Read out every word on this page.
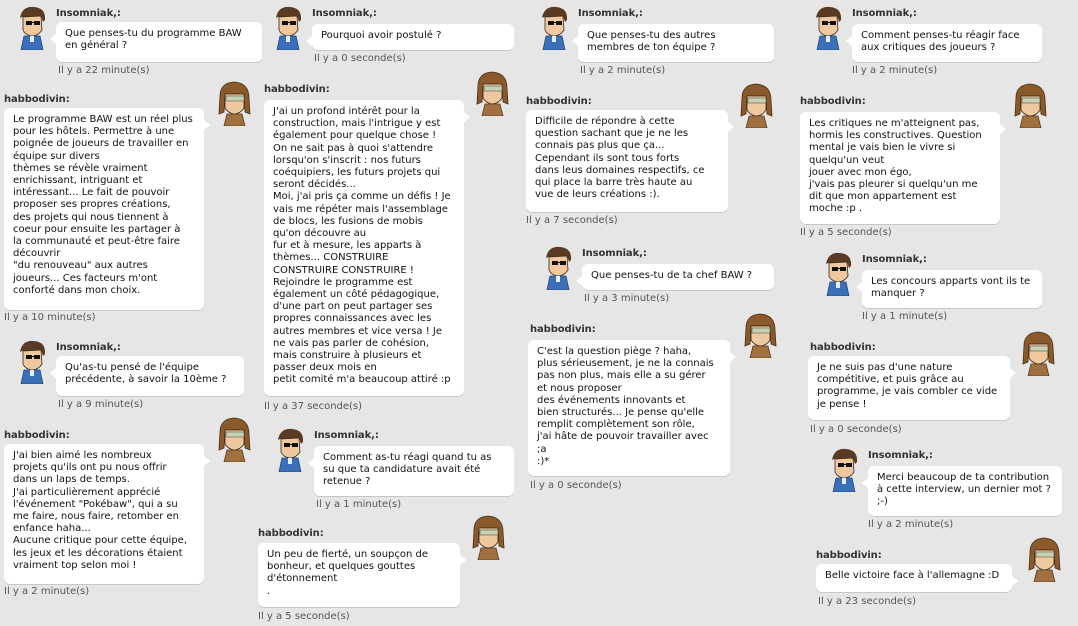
Insomniak,:
Que penses-tu du programme BAW
en général ?
Il y a 22 minute(s)
habbodivin:
Le programme BAW est un réel plus
pour les hôtels. Permettre à une
poignée de joueurs de travailler en
équipe sur divers
thèmes se révèle vraiment
enrichissant, intriguant et
intéressant... Le fait de pouvoir
proposer ses propres créations,
des projets qui nous tiennent à
coeur pour ensuite les partager à
la communauté et peut-être faire
découvrir
"du renouveau" aux autres
joueurs... Ces facteurs m'ont
conforté dans mon choix.
Il y a 10 minute(s)
Insomniak,:
Qu'as-tu pensé de l'équipe
précédente, à savoir la 10ème ?
Il y a 9 minute(s)
habbodivin:
J'ai bien aimé les nombreux
projets qu'ils ont pu nous offrir
dans un laps de temps.
J'ai particulièrement apprécié
l'événement "Pokébaw", qui a su
me faire, nous faire, retomber en
enfance haha...
Aucune critique pour cette équipe,
les jeux et les décorations étaient
vraiment top selon moi !
Il y a 2 minute(s)
Insomniak,:
Pourquoi avoir postulé ?
Il y a 0 seconde(s)
habbodivin:
J'ai un profond intérêt pour la
construction, mais l'intrigue y est
également pour quelque chose !
On ne sait pas à quoi s'attendre
lorsqu'on s'inscrit : nos futurs
coéquipiers, les futurs projets qui
seront décidés...
Moi, j'ai pris ça comme un défis ! Je
vais me répéter mais l'assemblage
de blocs, les fusions de mobis
qu'on découvre au
fur et à mesure, les apparts à
thèmes... CONSTRUIRE
CONSTRUIRE CONSTRUIRE !
Rejoindre le programme est
également un côté pédagogique,
d'une part on peut partager ses
propres connaissances avec les
autres membres et vice versa ! Je
ne vais pas parler de cohésion,
mais construire à plusieurs et
passer deux mois en
petit comité m'a beaucoup attiré :p
Il y a 37 seconde(s)
Insomniak,:
Comment as-tu réagi quand tu as
su que ta candidature avait été
retenue ?
Il y a 1 minute(s)
habbodivin:
Un peu de fierté, un soupçon de
bonheur, et quelques gouttes
d'étonnement
.
Il y a 5 seconde(s)
Insomniak,:
Que penses-tu des autres
membres de ton équipe ?
Il y a 2 minute(s)
habbodivin:
Difficile de répondre à cette
question sachant que je ne les
connais pas plus que ça...
Cependant ils sont tous forts
dans leus domaines respectifs, ce
qui place la barre très haute au
vue de leurs créations :).
Il y a 7 seconde(s)
Insomniak,:
Que penses-tu de ta chef BAW ?
Il y a 3 minute(s)
habbodivin:
C'est la question piège ? haha,
plus sérieusement, je ne la connais
pas non plus, mais elle a su gérer
et nous proposer
des événements innovants et
bien structurés... Je pense qu'elle
remplit complètement son rôle,
j'ai hâte de pouvoir travailler avec
;a
:)*
Il y a 0 seconde(s)
Insomniak,:
Comment penses-tu réagir face
aux critiques des joueurs ?
Il y a 2 minute(s)
habbodivin:
Les critiques ne m'atteignent pas,
hormis les constructives. Question
mental je vais bien le vivre si
quelqu'un veut
jouer avec mon égo,
j'vais pas pleurer si quelqu'un me
dit que mon appartement est
moche :p .
Il y a 5 seconde(s)
Insomniak,:
Les concours apparts vont ils te
manquer ?
Il y a 1 minute(s)
habbodivin:
Je ne suis pas d'une nature
compétitive, et puis grâce au
programme, je vais combler ce vide
je pense !
Il y a 0 seconde(s)
Insomniak,:
Merci beaucoup de ta contribution
à cette interview, un dernier mot ?
;-)
Il y a 2 minute(s)
habbodivin:
Belle victoire face à l'allemagne :D
Il y a 23 seconde(s)
